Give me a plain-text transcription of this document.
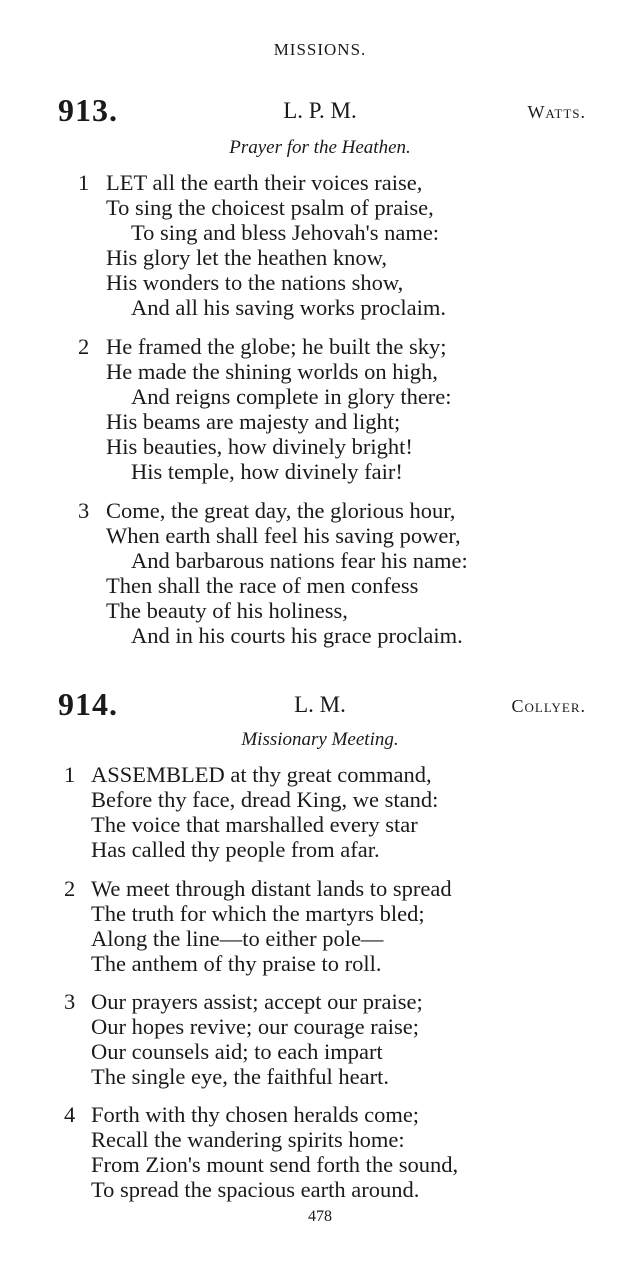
MISSIONS.
913.	L. P. M.	Watts.
Prayer for the Heathen.
1 LET all the earth their voices raise,
To sing the choicest psalm of praise,
To sing and bless Jehovah's name:
His glory let the heathen know,
His wonders to the nations show,
And all his saving works proclaim.
2 He framed the globe; he built the sky;
He made the shining worlds on high,
And reigns complete in glory there:
His beams are majesty and light;
His beauties, how divinely bright!
His temple, how divinely fair!
3 Come, the great day, the glorious hour,
When earth shall feel his saving power,
And barbarous nations fear his name:
Then shall the race of men confess
The beauty of his holiness,
And in his courts his grace proclaim.
914.	L. M.	Collyer.
Missionary Meeting.
1 ASSEMBLED at thy great command,
Before thy face, dread King, we stand:
The voice that marshalled every star
Has called thy people from afar.
2 We meet through distant lands to spread
The truth for which the martyrs bled;
Along the line—to either pole—
The anthem of thy praise to roll.
3 Our prayers assist; accept our praise;
Our hopes revive; our courage raise;
Our counsels aid; to each impart
The single eye, the faithful heart.
4 Forth with thy chosen heralds come;
Recall the wandering spirits home:
From Zion's mount send forth the sound,
To spread the spacious earth around.
478
